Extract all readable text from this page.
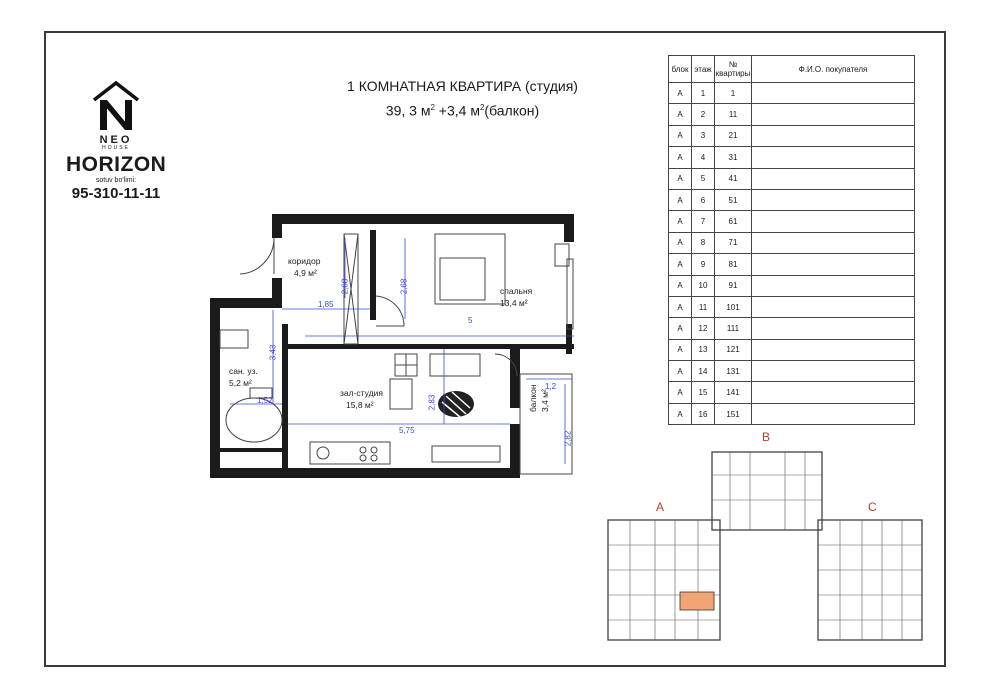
NEO
HOUSE
HORIZON
sotuv bo'limi:
95-310-11-11
1 КОМНАТНАЯ КВАРТИРА (студия)
39, 3 $м^2 +3,4$ $м^2(балкон)$
блок	этаж	№ квартиры	Ф.И.О. покупателя
A	1	1	
A	2	11	
A	3	21	
A	4	31	
A	5	41	
A	6	51	
A	7	61	
A	8	71	
A	9	81	
A	10	91	
A	11	101	
A	12	111	
A	13	121	
A	14	131	
A	15	141	
A	16	151	
коридор
4,9 м²
спальня
13,4 м²
сан. уз.
5,2 м²
зал-студия
15,8 м²	балкон 3,4 м²
2,68	2,68
1,85
5
3,43
1,52
5,75
2,83
1,2
2,82	B
A	C
